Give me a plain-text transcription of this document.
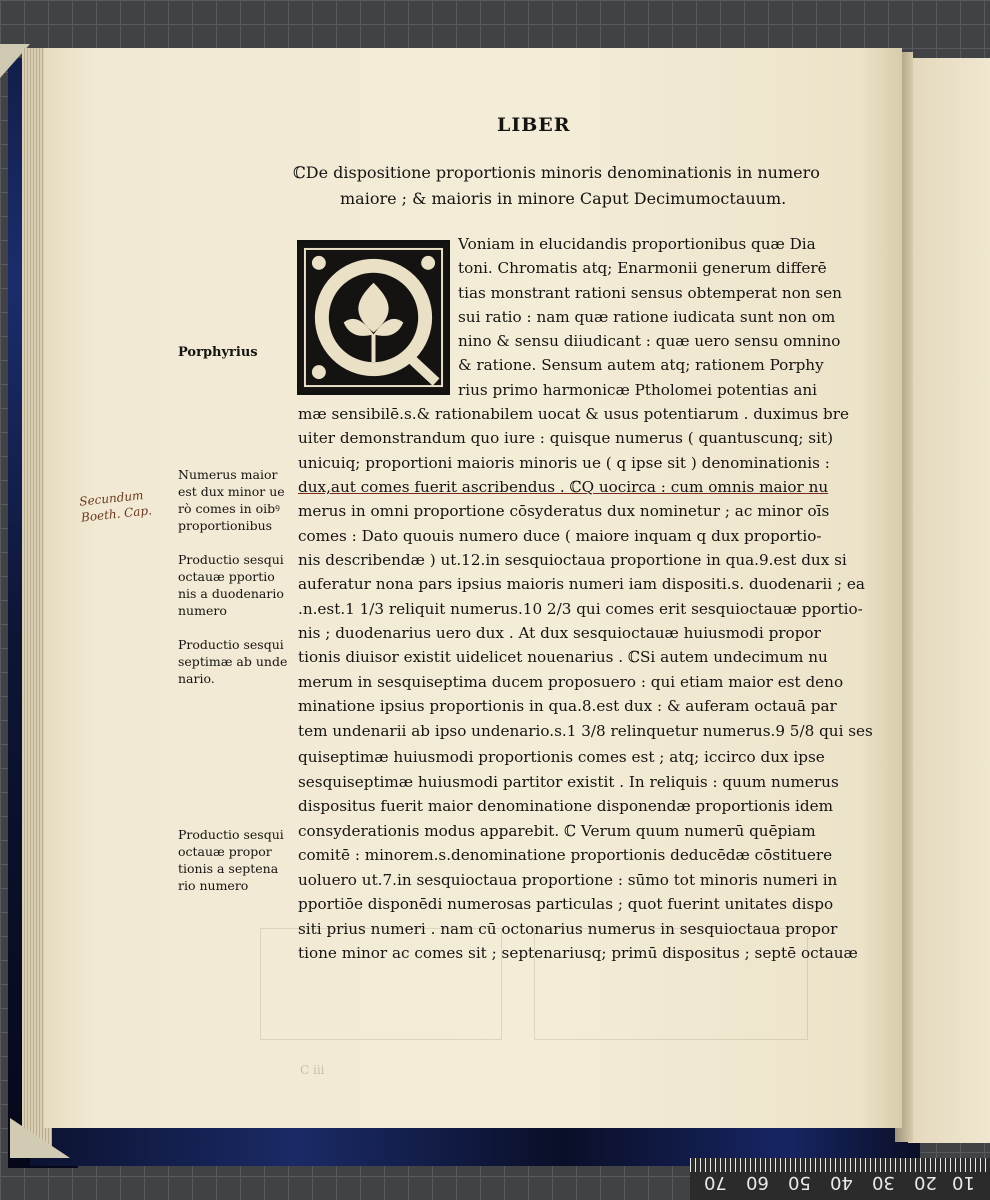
LIBER
ℂDe dispositione proportionis minoris denominationis in numero
maiore ; & maioris in minore Caput Decimumoctauum.
Voniam in elucidandis proportionibus quæ Dia
toni. Chromatis atq; Enarmonii generum differē
tias monstrant rationi sensus obtemperat non sen
sui ratio : nam quæ ratione iudicata sunt non om
nino & sensu diiudicant : quæ uero sensu omnino
& ratione. Sensum autem atq; rationem Porphy
rius primo harmonicæ Ptholomei potentias ani
mæ sensibilē.s.& rationabilem uocat & usus potentiarum . duximus bre
uiter demonstrandum quo iure : quisque numerus ( quantuscunq; sit)
unicuiq; proportioni maioris minoris ue ( q ipse sit ) denominationis :
dux,aut comes fuerit ascribendus . ℂQ uocirca : cum omnis maior nu
merus in omni proportione cōsyderatus dux nominetur ; ac minor oīs
comes : Dato quouis numero duce ( maiore inquam q dux proportio-
nis describendæ ) ut.12.in sesquioctaua proportione in qua.9.est dux si
auferatur nona pars ipsius maioris numeri iam dispositi.s. duodenarii ; ea
.n.est.1 1/3 reliquit numerus.10 2/3 qui comes erit sesquioctauæ pportio-
nis ; duodenarius uero dux . At dux sesquioctauæ huiusmodi propor
tionis diuisor existit uidelicet nouenarius . ℂSi autem undecimum nu
merum in sesquiseptima ducem proposuero : qui etiam maior est deno
minatione ipsius proportionis in qua.8.est dux : & auferam octauā par
tem undenarii ab ipso undenario.s.1 3/8 relinquetur numerus.9 5/8 qui ses
quiseptimæ huiusmodi proportionis comes est ; atq; iccirco dux ipse
sesquiseptimæ huiusmodi partitor existit . In reliquis : quum numerus
dispositus fuerit maior denominatione disponendæ proportionis idem
consyderationis modus apparebit. ℂ Verum quum numerū quēpiam
comitē : minorem.s.denominatione proportionis deducēdæ cōstituere
uoluero ut.7.in sesquioctaua proportione : sūmo tot minoris numeri in
pportiōe disponēdi numerosas particulas ; quot fuerint unitates dispo
siti prius numeri . nam cū octonarius numerus in sesquioctaua propor
tione minor ac comes sit ; septenariusq; primū dispositus ; septē octauæ
Porphyrius
Numerus maior
est dux minor ue
rò comes in oibꝰ
proportionibus
Productio sesqui
octauæ pportio
nis a duodenario
numero
Productio sesqui
septimæ ab unde
nario.
Productio sesqui
octauæ propor
tionis a septena
rio numero
Secundum
Boeth. Cap.
C iii
70 60 50 40 30 20 10
